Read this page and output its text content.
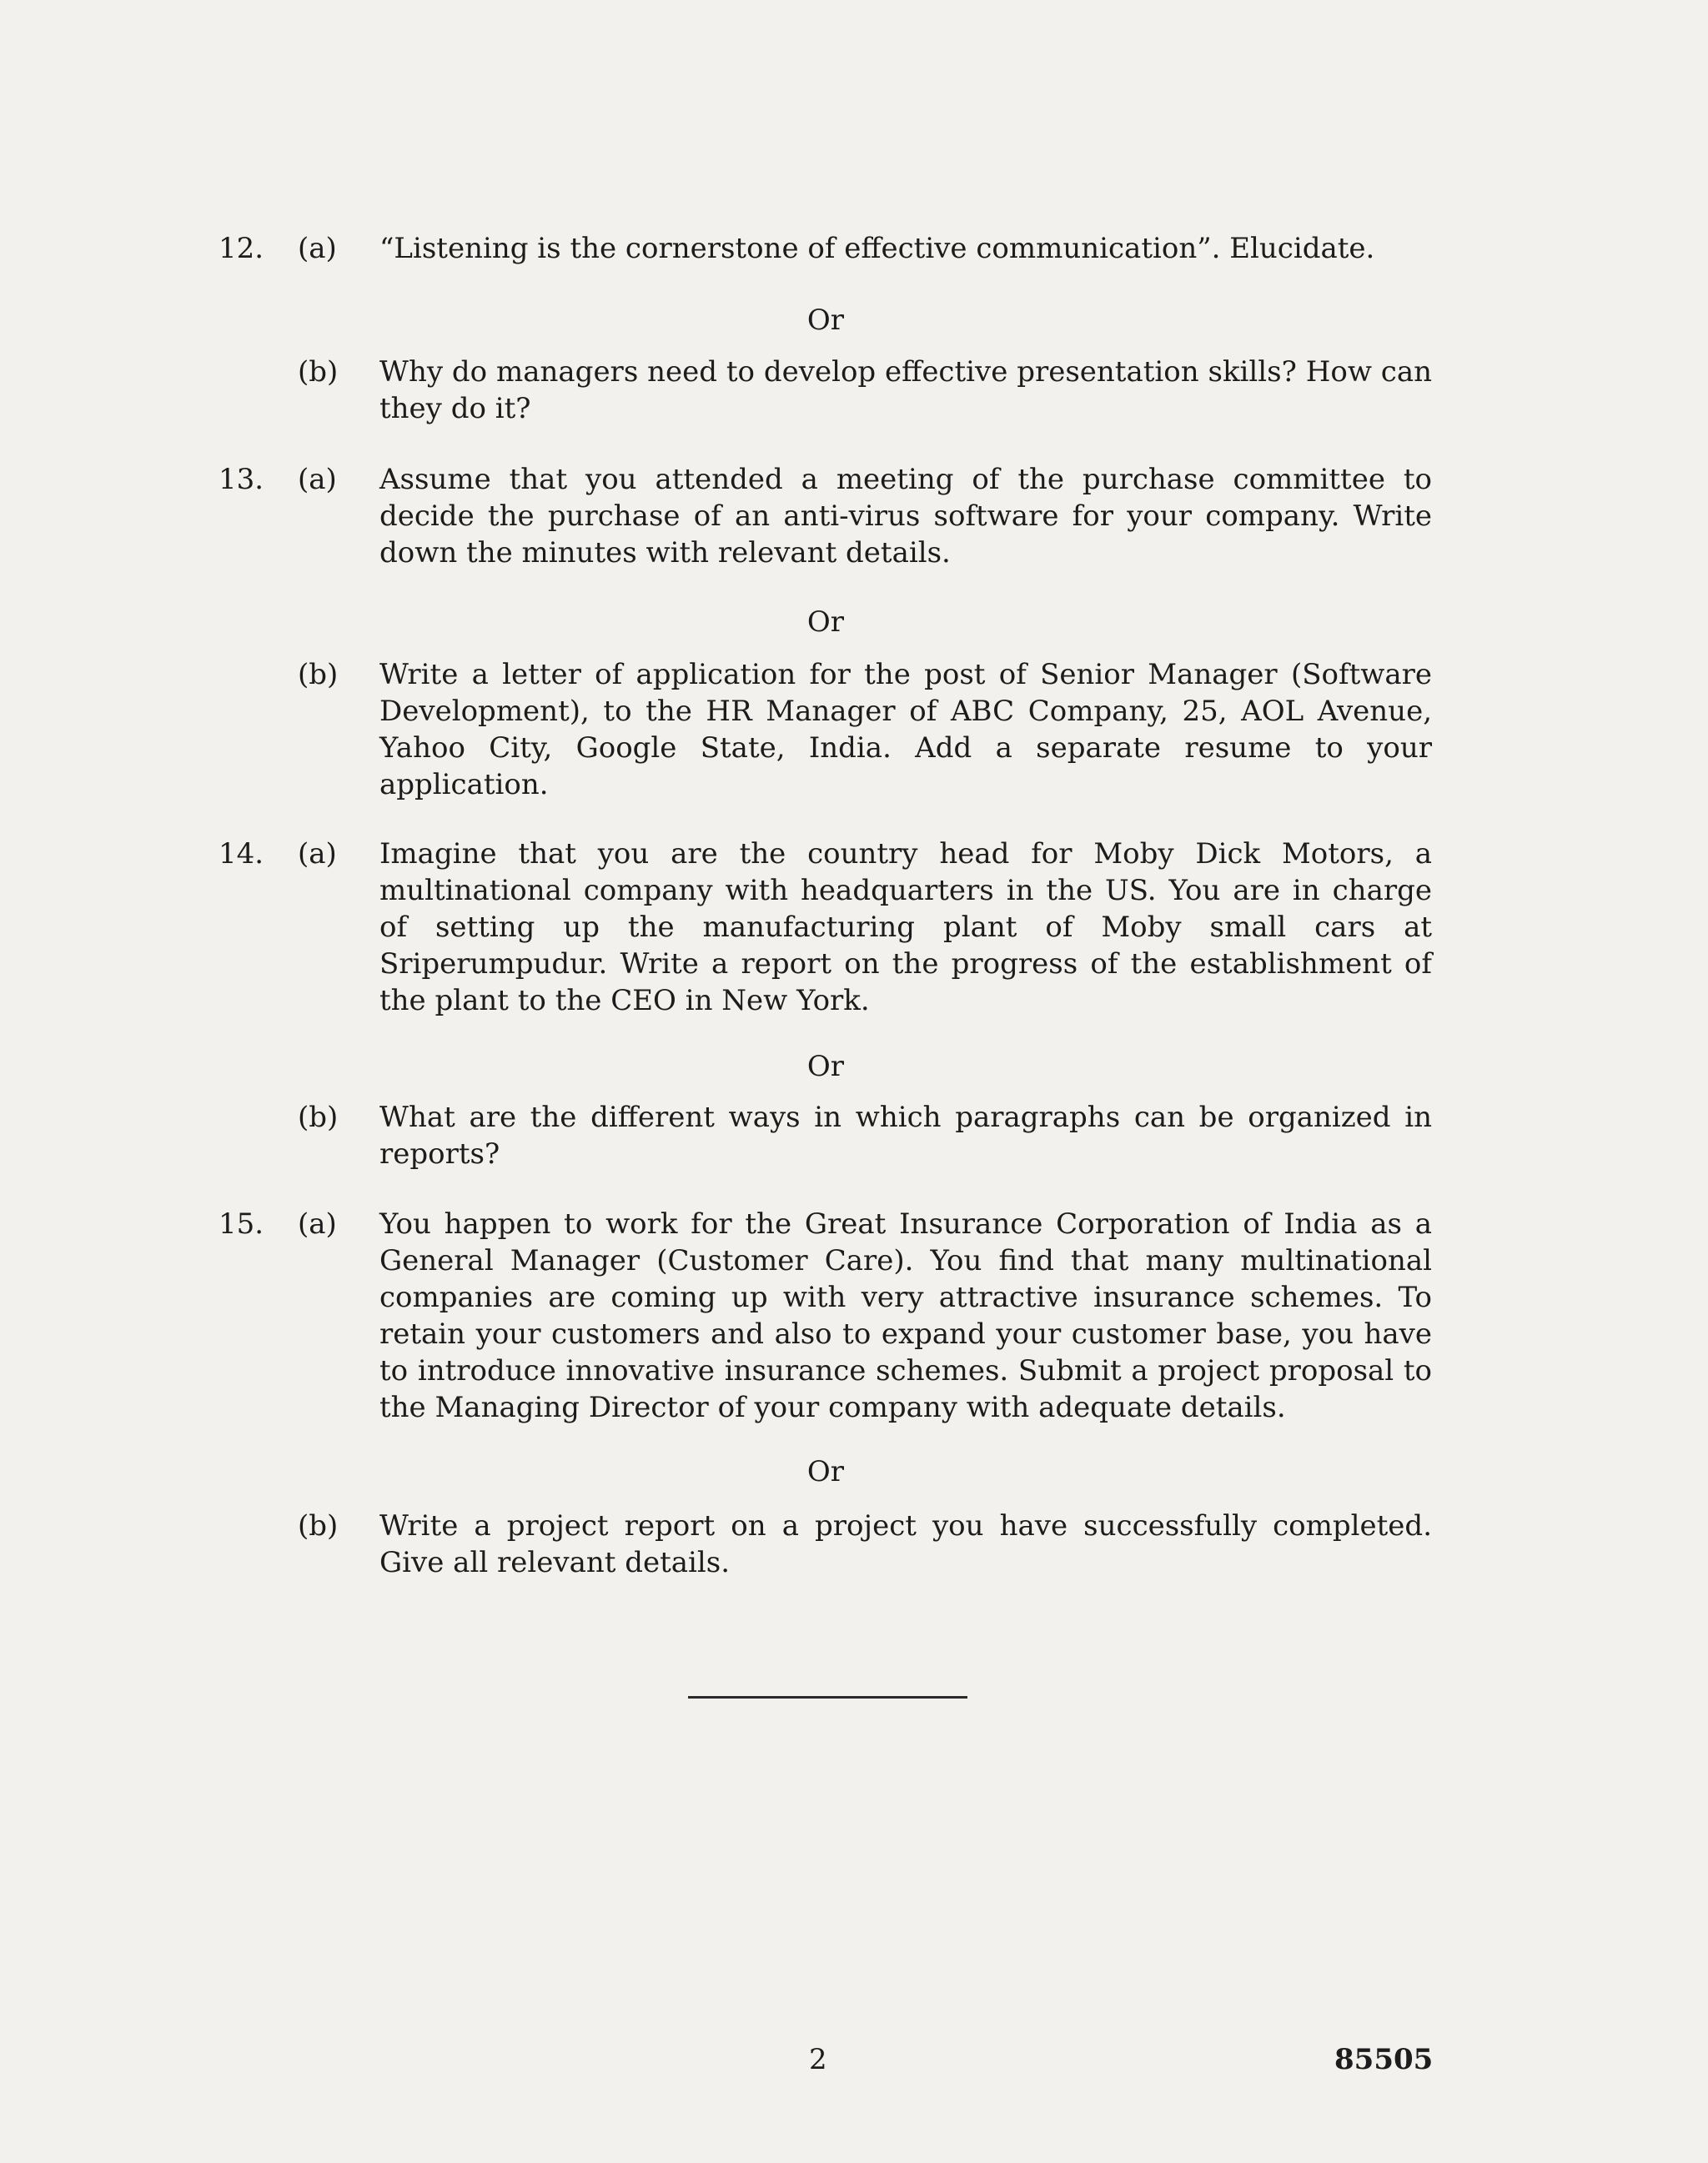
12. (a) “Listening is the cornerstone of effective communication”. Elucidate.
Or
(b) Why do managers need to develop effective presentation skills? How can they do it?
13. (a) Assume that you attended a meeting of the purchase committee to decide the purchase of an anti-virus software for your company. Write down the minutes with relevant details.
Or
(b) Write a letter of application for the post of Senior Manager (Software Development), to the HR Manager of ABC Company, 25, AOL Avenue, Yahoo City, Google State, India. Add a separate resume to your application.
14. (a) Imagine that you are the country head for Moby Dick Motors, a multinational company with headquarters in the US. You are in charge of setting up the manufacturing plant of Moby small cars at Sriperumpudur. Write a report on the progress of the establishment of the plant to the CEO in New York.
Or
(b) What are the different ways in which paragraphs can be organized in reports?
15. (a) You happen to work for the Great Insurance Corporation of India as a General Manager (Customer Care). You find that many multinational companies are coming up with very attractive insurance schemes. To retain your customers and also to expand your customer base, you have to introduce innovative insurance schemes. Submit a project proposal to the Managing Director of your company with adequate details.
Or
(b) Write a project report on a project you have successfully completed. Give all relevant details.
2	85505
